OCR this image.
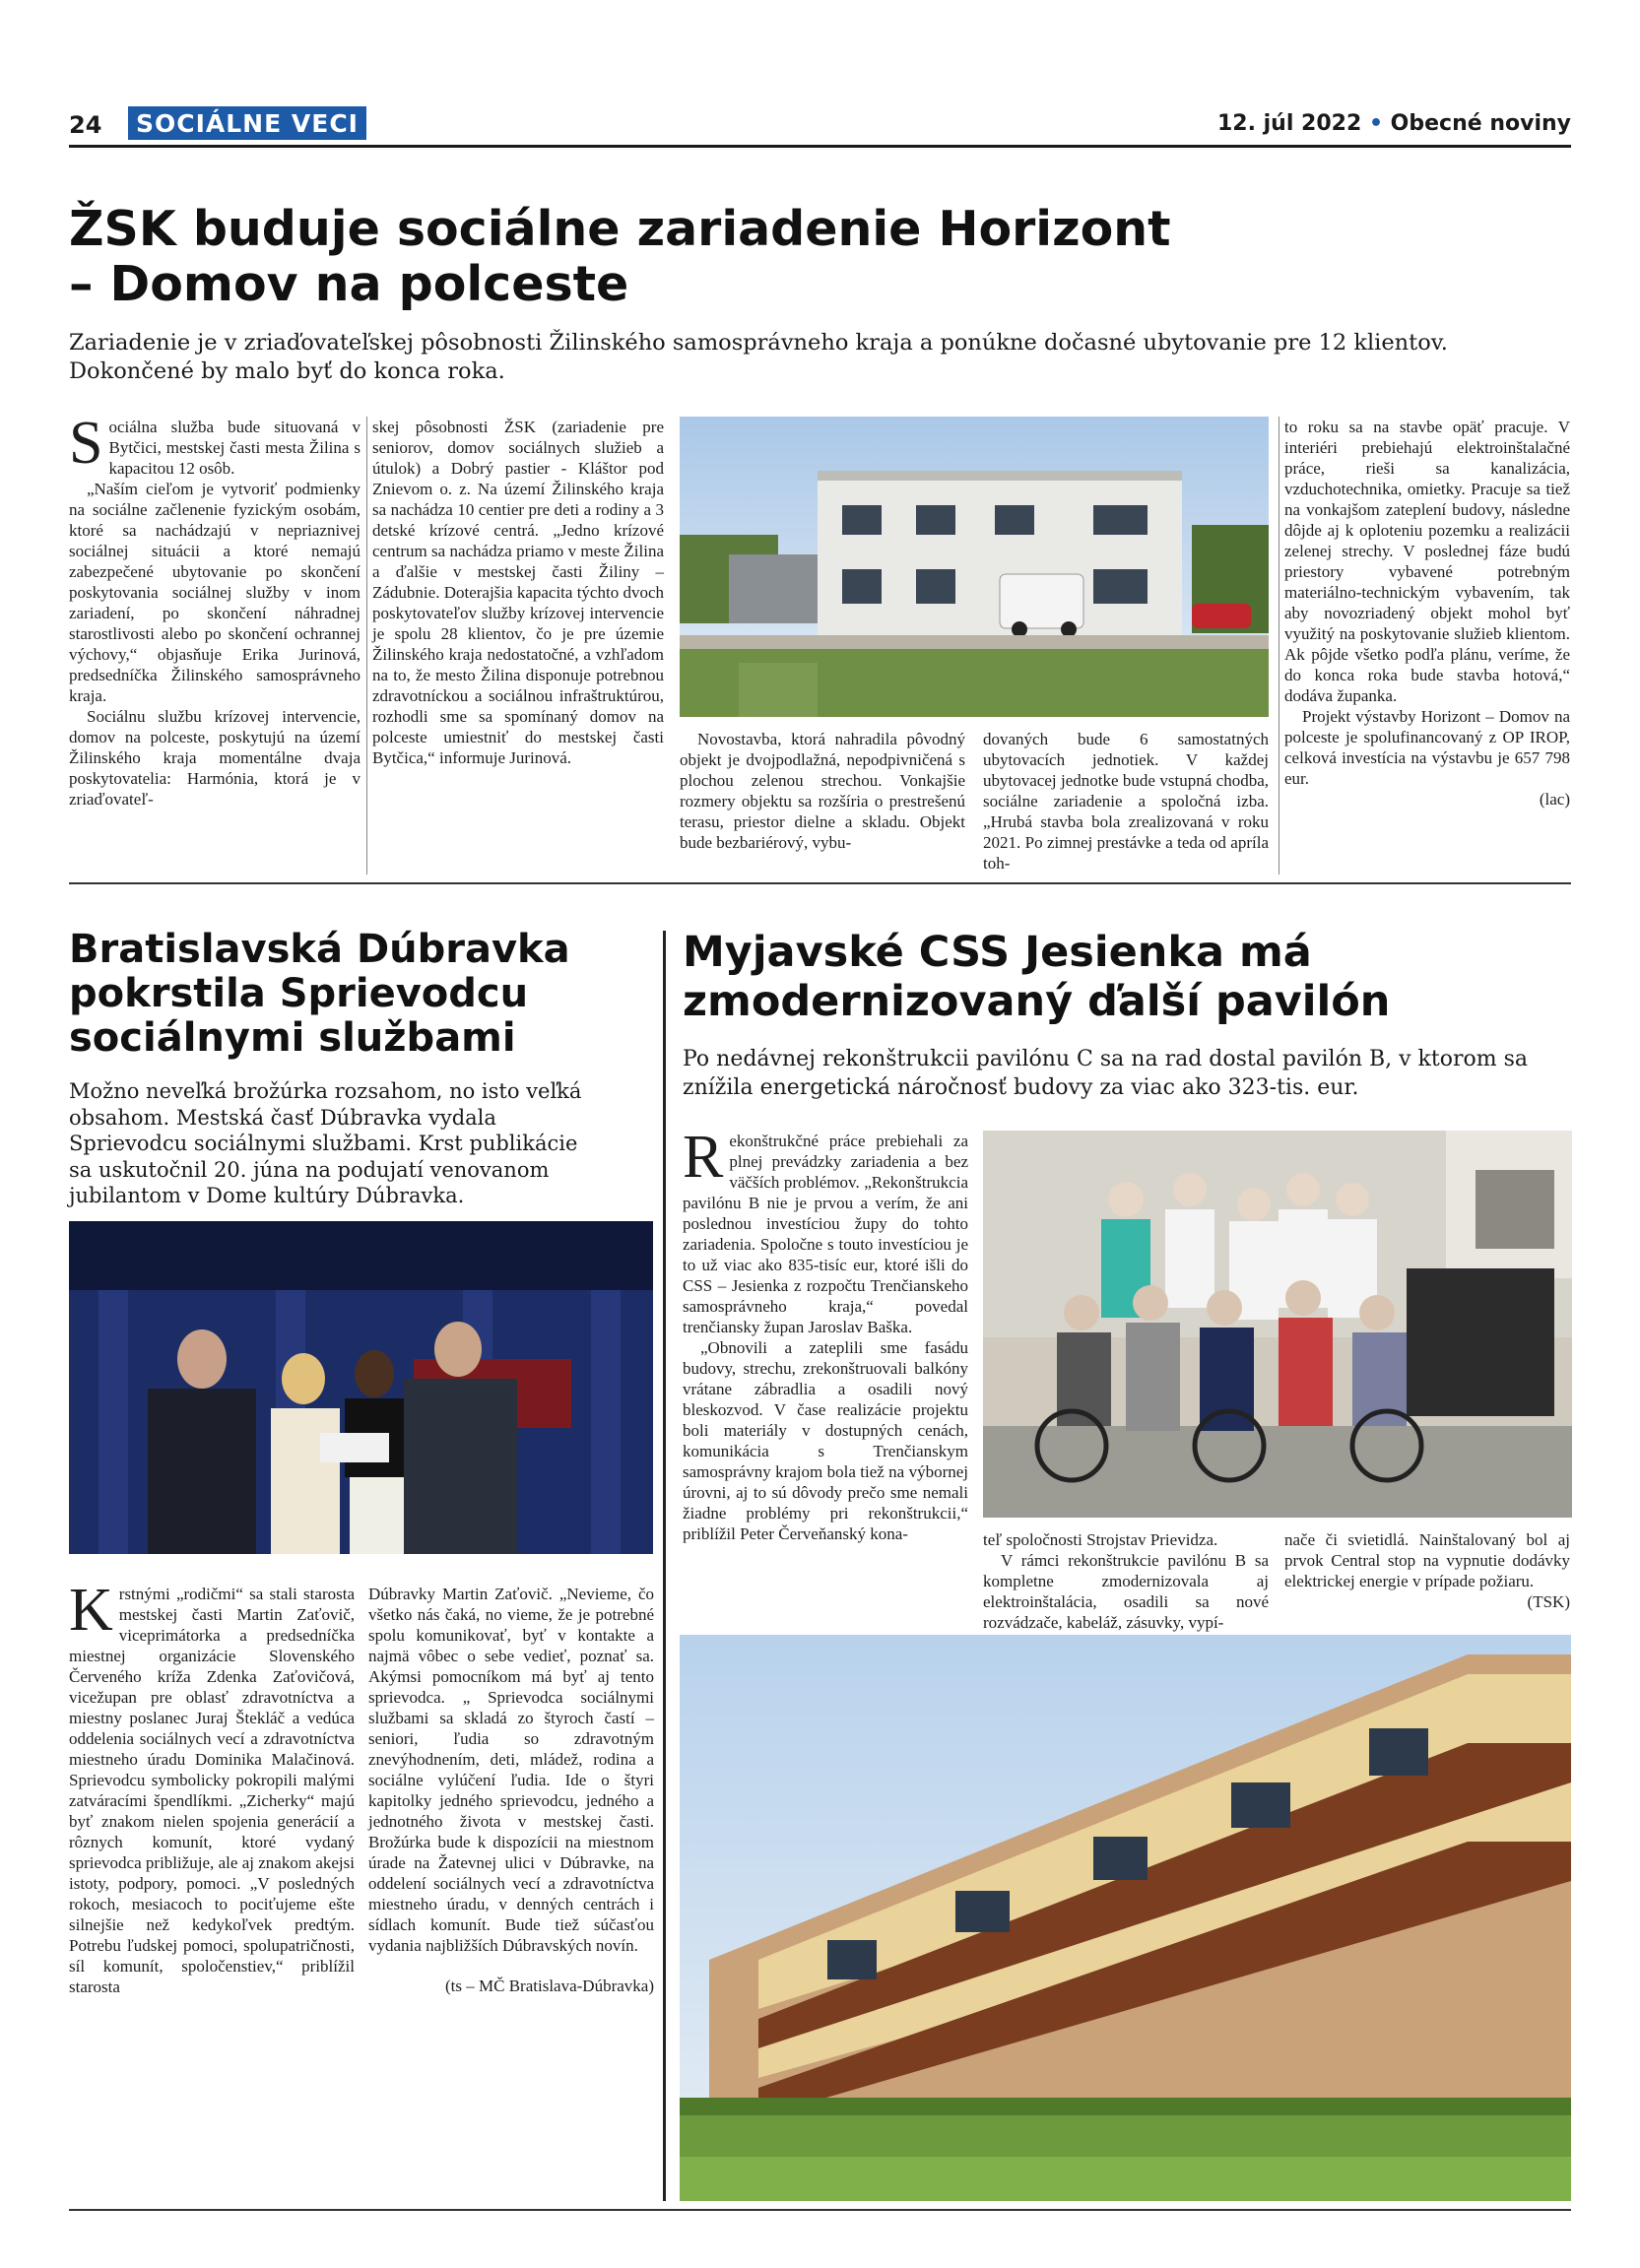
24	SOCIÁLNE VECI	12. júl 2022 • Obecné noviny
ŽSK buduje sociálne zariadenie Horizont
– Domov na polceste
Zariadenie je v zriaďovateľskej pôsobnosti Žilinského samosprávneho kraja a ponúkne dočasné ubytovanie pre 12 klientov. Dokončené by malo byť do konca roka.

Sociálna služba bude situovaná v Bytčici, mestskej časti mesta Žilina s kapacitou 12 osôb.

„Naším cieľom je vytvoriť podmienky na sociálne začlenenie fyzickým osobám, ktoré sa nachádzajú v nepriaznivej sociálnej situácii a ktoré nemajú zabezpečené ubytovanie po skončení poskytovania sociálnej služby v inom zariadení, po skončení náhradnej starostlivosti alebo po skončení ochrannej výchovy,“ objasňuje Erika Jurinová, predsedníčka Žilinského samosprávneho kraja.

Sociálnu službu krízovej intervencie, domov na polceste, poskytujú na území Žilinského kraja momentálne dvaja poskytovatelia: Harmónia, ktorá je v zriaďovateľ-

skej pôsobnosti ŽSK (zariadenie pre seniorov, domov sociálnych služieb a útulok) a Dobrý pastier - Kláštor pod Znievom o. z. Na území Žilinského kraja sa nachádza 10 centier pre deti a rodiny a 3 detské krízové centrá. „Jedno krízové centrum sa nachádza priamo v meste Žilina a ďalšie v mestskej časti Žiliny – Zádubnie. Doterajšia kapacita týchto dvoch poskytovateľov služby krízovej intervencie je spolu 28 klientov, čo je pre územie Žilinského kraja nedostatočné, a vzhľadom na to, že mesto Žilina disponuje potrebnou zdravotníckou a sociálnou infraštruktúrou, rozhodli sme sa spomínaný domov na polceste umiestniť do mestskej časti Bytčica,“ informuje Jurinová.

Novostavba, ktorá nahradila pôvodný objekt je dvojpodlažná, nepodpivničená s plochou zelenou strechou. Vonkajšie rozmery objektu sa rozšíria o prestrešenú terasu, priestor dielne a skladu. Objekt bude bezbariérový, vybu-

dovaných bude 6 samostatných ubytovacích jednotiek. V každej ubytovacej jednotke bude vstupná chodba, sociálne zariadenie a spoločná izba. „Hrubá stavba bola zrealizovaná v roku 2021. Po zimnej prestávke a teda od apríla toh-

to roku sa na stavbe opäť pracuje. V interiéri prebiehajú elektroinštalačné práce, rieši sa kanalizácia, vzduchotechnika, omietky. Pracuje sa tiež na vonkajšom zateplení budovy, následne dôjde aj k oploteniu pozemku a realizácii zelenej strechy. V poslednej fáze budú priestory vybavené potrebným materiálno-technickým vybavením, tak aby novozriadený objekt mohol byť využitý na poskytovanie služieb klientom. Ak pôjde všetko podľa plánu, veríme, že do konca roka bude stavba hotová,“ dodáva županka.

Projekt výstavby Horizont – Domov na polceste je spolufinancovaný z OP IROP, celková investícia na výstavbu je 657 798 eur.

(lac)

Bratislavská Dúbravka
pokrstila Sprievodcu
sociálnymi službami
Možno neveľká brožúrka rozsahom, no isto veľká obsahom. Mestská časť Dúbravka vydala Sprievodcu sociálnymi službami. Krst publikácie sa uskutočnil 20. júna na podujatí venovanom jubilantom v Dome kultúry Dúbravka.

Krstnými „rodičmi“ sa stali starosta mestskej časti Martin Zaťovič, viceprimátorka a predsedníčka miestnej organizácie Slovenského Červeného kríža Zdenka Zaťovičová, vicežupan pre oblasť zdravotníctva a miestny poslanec Juraj Štekláč a vedúca oddelenia sociálnych vecí a zdravotníctva miestneho úradu Dominika Malačinová. Sprievodcu symbolicky pokropili malými zatváracími špendlíkmi. „Zicherky“ majú byť znakom nielen spojenia generácií a rôznych komunít, ktoré vydaný sprievodca približuje, ale aj znakom akejsi istoty, podpory, pomoci. „V posledných rokoch, mesiacoch to pociťujeme ešte silnejšie než kedykoľvek predtým. Potrebu ľudskej pomoci, spolupatričnosti, síl komunít, spoločenstiev,“ priblížil starosta

Dúbravky Martin Zaťovič. „Nevieme, čo všetko nás čaká, no vieme, že je potrebné spolu komunikovať, byť v kontakte a najmä vôbec o sebe vedieť, poznať sa. Akýmsi pomocníkom má byť aj tento sprievodca. „ Sprievodca sociálnymi službami sa skladá zo štyroch častí – seniori, ľudia so zdravotným znevýhodnením, deti, mládež, rodina a sociálne vylúčení ľudia. Ide o štyri kapitolky jedného sprievodcu, jedného a jednotného života v mestskej časti. Brožúrka bude k dispozícii na miestnom úrade na Žatevnej ulici v Dúbravke, na oddelení sociálnych vecí a zdravotníctva miestneho úradu, v denných centrách i sídlach komunít. Bude tiež súčasťou vydania najbližších Dúbravských novín.

(ts – MČ Bratislava-Dúbravka)

Myjavské CSS Jesienka má
zmodernizovaný ďalší pavilón
Po nedávnej rekonštrukcii pavilónu C sa na rad dostal pavilón B, v ktorom sa znížila energetická náročnosť budovy za viac ako 323-tis. eur.

Rekonštrukčné práce prebiehali za plnej prevádzky zariadenia a bez väčších problémov. „Rekonštrukcia pavilónu B nie je prvou a verím, že ani poslednou investíciou župy do tohto zariadenia. Spoločne s touto investíciou je to už viac ako 835-tisíc eur, ktoré išli do CSS – Jesienka z rozpočtu Trenčianskeho samosprávneho kraja,“ povedal trenčiansky župan Jaroslav Baška.

„Obnovili a zateplili sme fasádu budovy, strechu, zrekonštruovali balkóny vrátane zábradlia a osadili nový bleskozvod. V čase realizácie projektu boli materiály v dostupných cenách, komunikácia s Trenčianskym samosprávny krajom bola tiež na výbornej úrovni, aj to sú dôvody prečo sme nemali žiadne problémy pri rekonštrukcii,“ priblížil Peter Červeňanský kona-	teľ spoločnosti Strojstav Prievidza.

V rámci rekonštrukcie pavilónu B sa kompletne zmodernizovala aj elektroinštalácia, osadili sa nové rozvádzače, kabeláž, zásuvky, vypí-

nače či svietidlá. Nainštalovaný bol aj prvok Central stop na vypnutie dodávky elektrickej energie v prípade požiaru.

(TSK)
